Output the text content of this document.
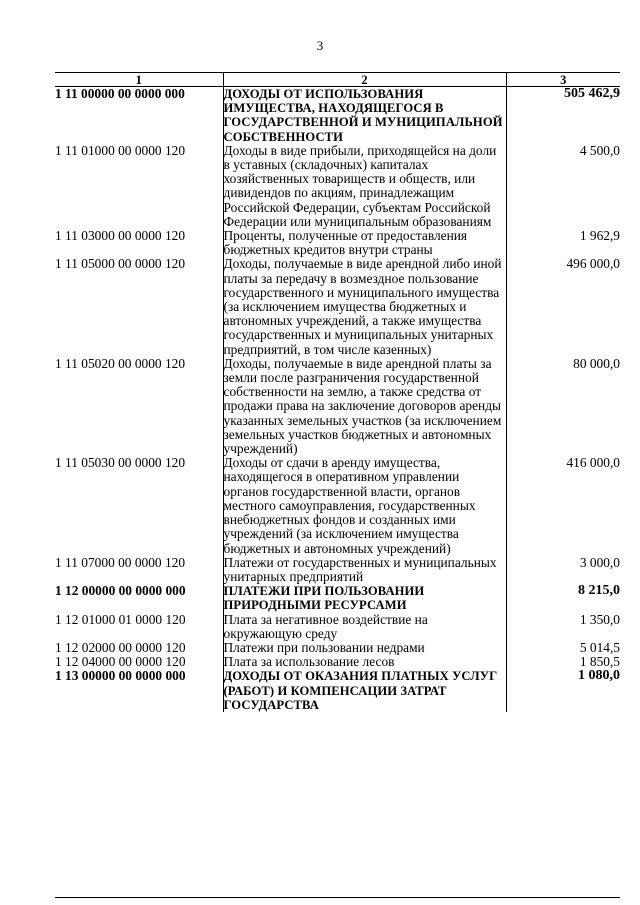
3
1	2	3
1 11 00000 00 0000 000	ДОХОДЫ ОТ ИСПОЛЬЗОВАНИЯ ИМУЩЕСТВА, НАХОДЯЩЕГОСЯ В ГОСУДАРСТВЕННОЙ И МУНИЦИПАЛЬНОЙ СОБСТВЕННОСТИ	505 462,9
1 11 01000 00 0000 120	Доходы в виде прибыли, приходящейся на доли в уставных (складочных) капиталах хозяйственных товариществ и обществ, или дивидендов по акциям, принадлежащим Российской Федерации, субъектам Российской Федерации или муниципальным образованиям	4 500,0
1 11 03000 00 0000 120	Проценты, полученные от предоставления бюджетных кредитов внутри страны	1 962,9
1 11 05000 00 0000 120	Доходы, получаемые в виде арендной либо иной платы за передачу в возмездное пользование государственного и муниципального имущества (за исключением имущества бюджетных и автономных учреждений, а также имущества государственных и муниципальных унитарных предприятий, в том числе казенных)	496 000,0
1 11 05020 00 0000 120	Доходы, получаемые в виде арендной платы за земли после разграничения государственной собственности на землю, а также средства от продажи права на заключение договоров аренды указанных земельных участков (за исключением земельных участков бюджетных и автономных учреждений)	80 000,0
1 11 05030 00 0000 120	Доходы от сдачи в аренду имущества, находящегося в оперативном управлении органов государственной власти, органов местного самоуправления, государственных внебюджетных фондов и созданных ими учреждений (за исключением имущества бюджетных и автономных учреждений)	416 000,0
1 11 07000 00 0000 120	Платежи от государственных и муниципальных унитарных предприятий	3 000,0
1 12 00000 00 0000 000	ПЛАТЕЖИ ПРИ ПОЛЬЗОВАНИИ ПРИРОДНЫМИ РЕСУРСАМИ	8 215,0
1 12 01000 01 0000 120	Плата за негативное воздействие на окружающую среду	1 350,0
1 12 02000 00 0000 120	Платежи при пользовании недрами	5 014,5
1 12 04000 00 0000 120	Плата за использование лесов	1 850,5
1 13 00000 00 0000 000	ДОХОДЫ ОТ ОКАЗАНИЯ ПЛАТНЫХ УСЛУГ (РАБОТ) И КОМПЕНСАЦИИ ЗАТРАТ ГОСУДАРСТВА	1 080,0
